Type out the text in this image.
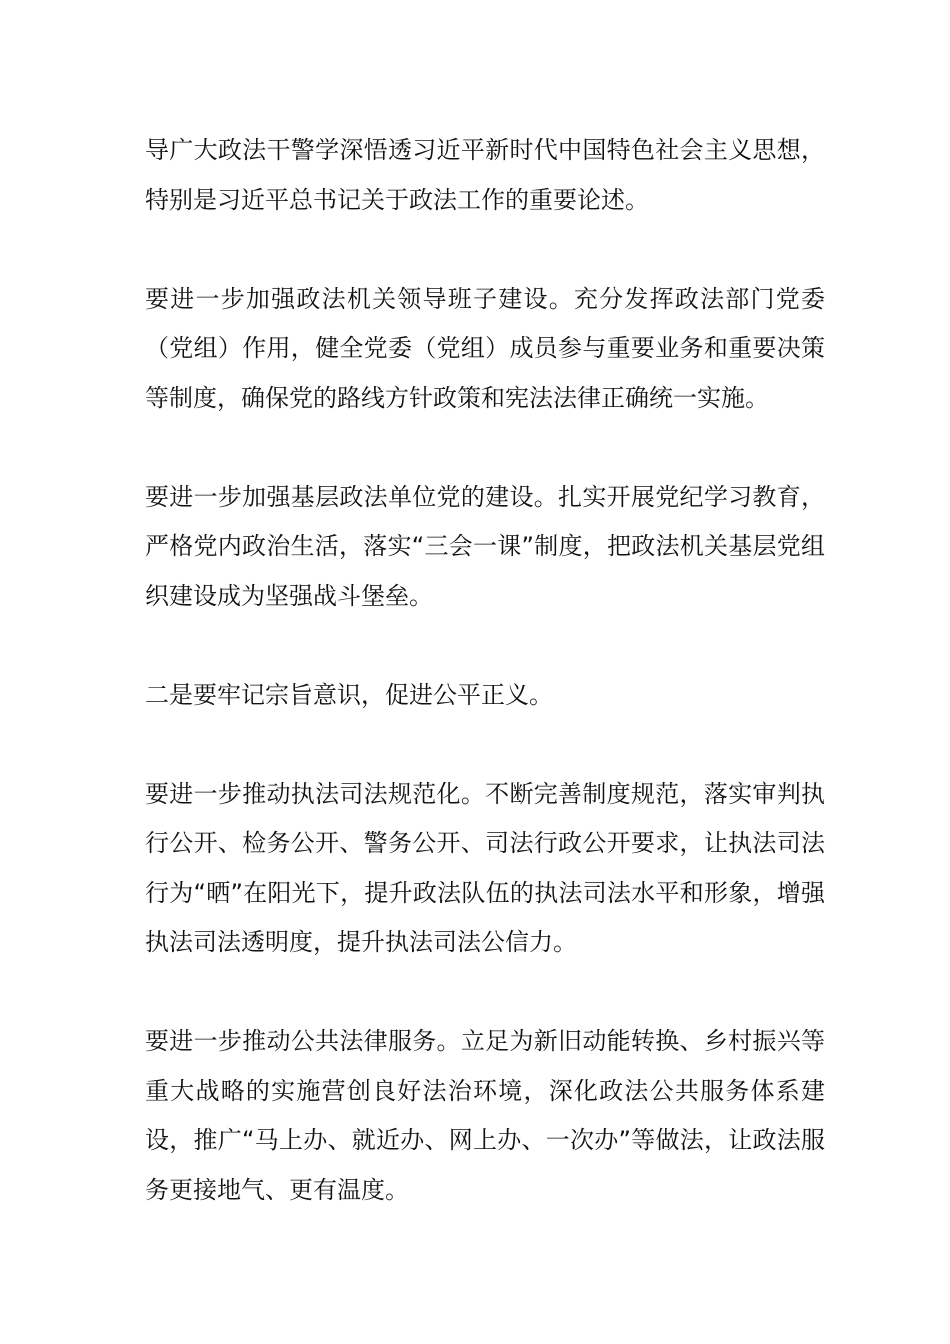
导广大政法干警学深悟透习近平新时代中国特色社会主义思想，特别是习近平总书记关于政法工作的重要论述。

要进一步加强政法机关领导班子建设。充分发挥政法部门党委（党组）作用，健全党委（党组）成员参与重要业务和重要决策等制度，确保党的路线方针政策和宪法法律正确统一实施。

要进一步加强基层政法单位党的建设。扎实开展党纪学习教育，严格党内政治生活，落实“三会一课”制度，把政法机关基层党组织建设成为坚强战斗堡垒。

二是要牢记宗旨意识，促进公平正义。

要进一步推动执法司法规范化。不断完善制度规范，落实审判执行公开、检务公开、警务公开、司法行政公开要求，让执法司法行为“晒”在阳光下，提升政法队伍的执法司法水平和形象，增强执法司法透明度，提升执法司法公信力。

要进一步推动公共法律服务。立足为新旧动能转换、乡村振兴等重大战略的实施营创良好法治环境，深化政法公共服务体系建设，推广“马上办、就近办、网上办、一次办”等做法，让政法服务更接地气、更有温度。
